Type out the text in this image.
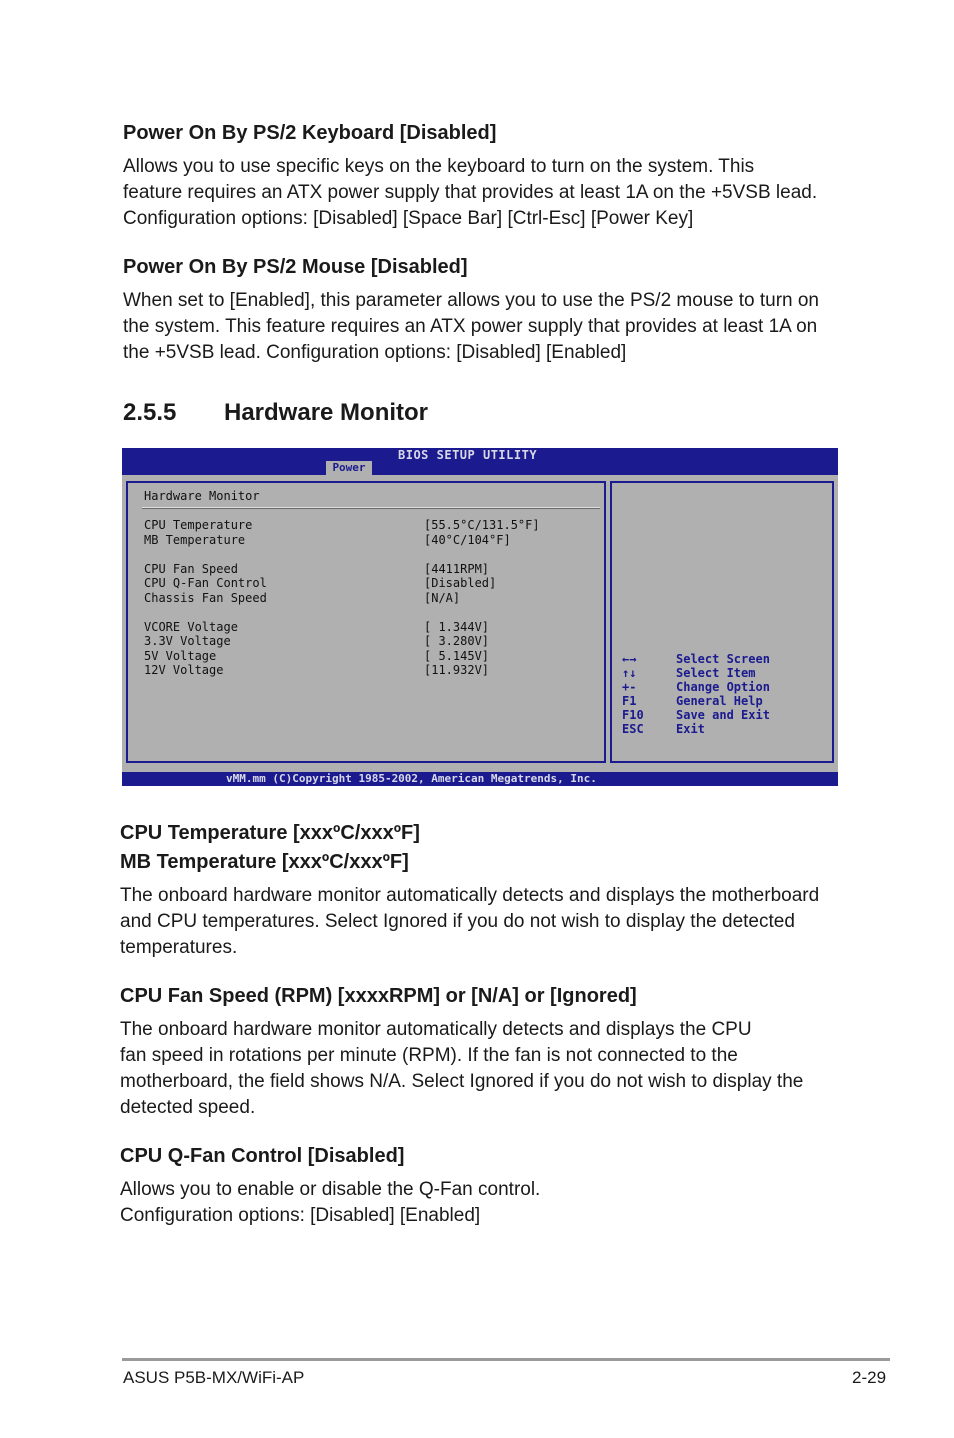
Power On By PS/2 Keyboard [Disabled]
Allows you to use specific keys on the keyboard to turn on the system. This
feature requires an ATX power supply that provides at least 1A on the +5VSB lead.
Configuration options: [Disabled] [Space Bar] [Ctrl-Esc] [Power Key]
Power On By PS/2 Mouse [Disabled]
When set to [Enabled], this parameter allows you to use the PS/2 mouse to turn on
the system. This feature requires an ATX power supply that provides at least 1A on
the +5VSB lead. Configuration options: [Disabled] [Enabled]
2.5.5 Hardware Monitor
BIOS SETUP UTILITY
Power
Hardware Monitor
CPU Temperature	[55.5°C/131.5°F]
MB Temperature	[40°C/104°F]
CPU Fan Speed	[4411RPM]
CPU Q-Fan Control	[Disabled]
Chassis Fan Speed	[N/A]
VCORE Voltage	[ 1.344V]
3.3V Voltage	[ 3.280V]
5V Voltage	[ 5.145V]
12V Voltage	[11.932V]
←→	Select Screen
↑↓	Select Item
+-	Change Option
F1	General Help
F10	Save and Exit
ESC	Exit
vMM.mm (C)Copyright 1985-2002, American Megatrends, Inc.
CPU Temperature [xxxºC/xxxºF]
MB Temperature [xxxºC/xxxºF]
The onboard hardware monitor automatically detects and displays the motherboard
and CPU temperatures. Select Ignored if you do not wish to display the detected
temperatures.
CPU Fan Speed (RPM) [xxxxRPM] or [N/A] or [Ignored]
The onboard hardware monitor automatically detects and displays the CPU
fan speed in rotations per minute (RPM). If the fan is not connected to the
motherboard, the field shows N/A. Select Ignored if you do not wish to display the
detected speed.
CPU Q-Fan Control [Disabled]
Allows you to enable or disable the Q-Fan control.
Configuration options: [Disabled] [Enabled]
ASUS P5B-MX/WiFi-AP	2-29
